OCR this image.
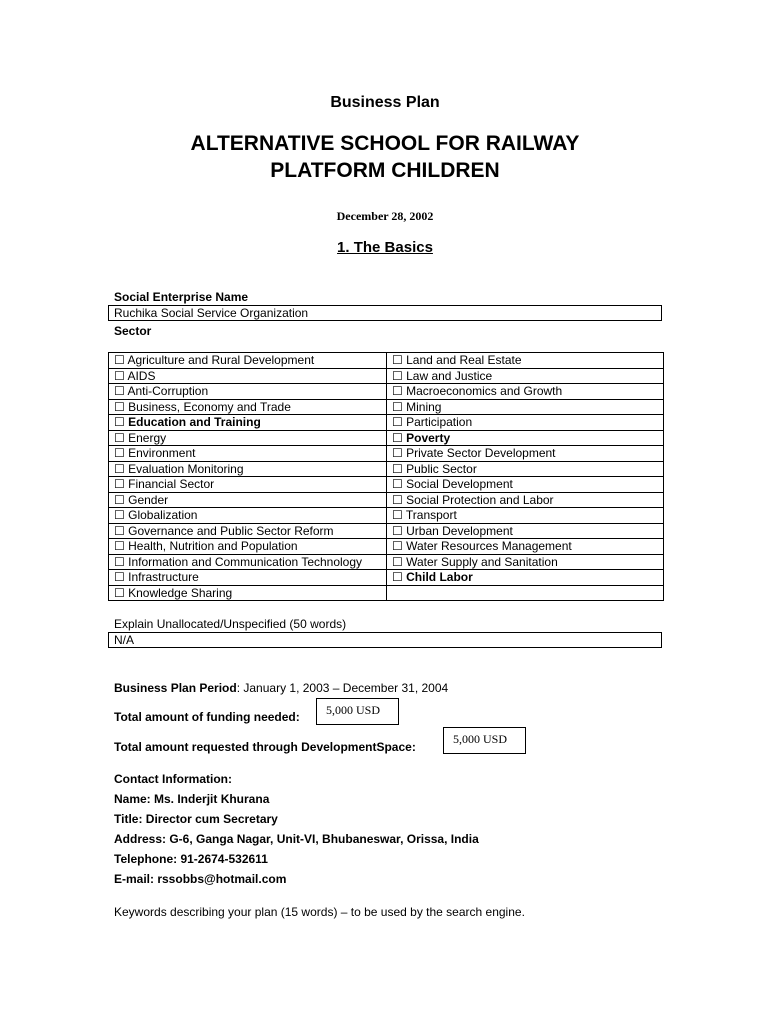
Business Plan
ALTERNATIVE SCHOOL FOR RAILWAY
PLATFORM CHILDREN
December 28, 2002
1. The Basics
Social Enterprise Name
Ruchika Social Service Organization
Sector
☐ Agriculture and Rural Development	☐ Land and Real Estate
☐ AIDS	☐ Law and Justice
☐ Anti-Corruption	☐ Macroeconomics and Growth
☐ Business, Economy and Trade	☐ Mining
☐ Education and Training	☐ Participation
☐ Energy	☐ Poverty
☐ Environment	☐ Private Sector Development
☐ Evaluation Monitoring	☐ Public Sector
☐ Financial Sector	☐ Social Development
☐ Gender	☐ Social Protection and Labor
☐ Globalization	☐ Transport
☐ Governance and Public Sector Reform	☐ Urban Development
☐ Health, Nutrition and Population	☐ Water Resources Management
☐ Information and Communication Technology	☐ Water Supply and Sanitation
☐ Infrastructure	☐ Child Labor
☐ Knowledge Sharing	
Explain Unallocated/Unspecified (50 words)
N/A
Business Plan Period: January 1, 2003 – December 31, 2004
Total amount of funding needed:	5,000 USD
Total amount requested through DevelopmentSpace:
5,000 USD
Contact Information:
Name: Ms. Inderjit Khurana
Title: Director cum Secretary
Address: G-6, Ganga Nagar, Unit-VI, Bhubaneswar, Orissa, India
Telephone: 91-2674-532611
E-mail: rssobbs@hotmail.com
Keywords describing your plan (15 words) – to be used by the search engine.
